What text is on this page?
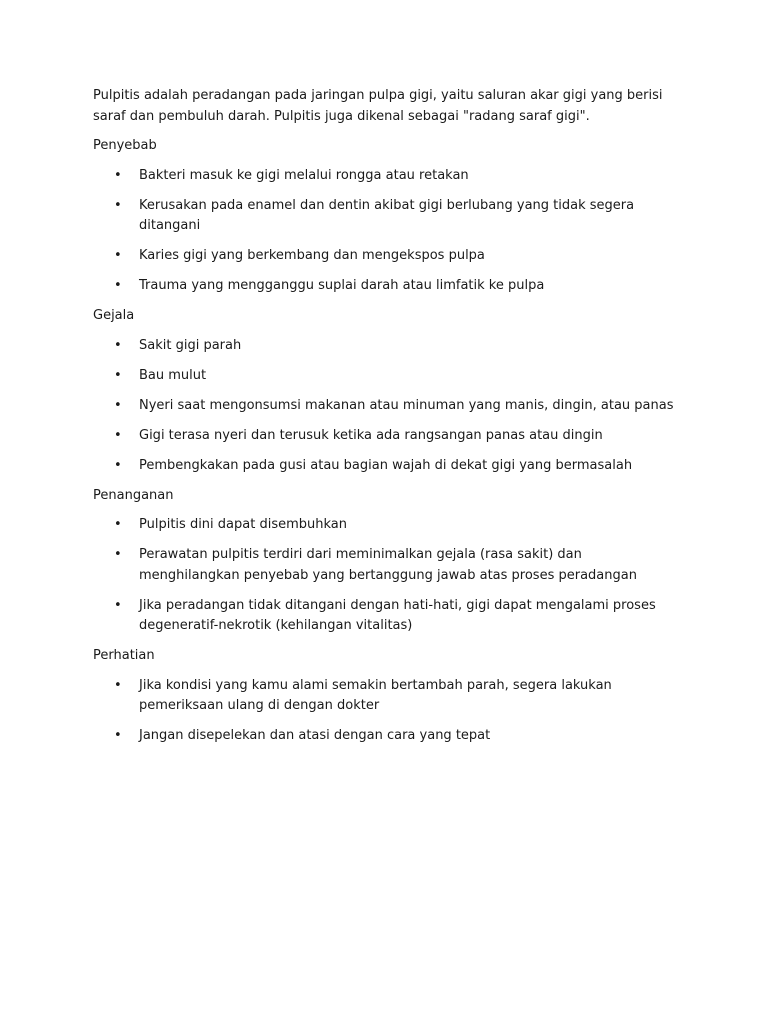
Pulpitis adalah peradangan pada jaringan pulpa gigi, yaitu saluran akar gigi yang berisi saraf dan pembuluh darah. Pulpitis juga dikenal sebagai "radang saraf gigi".

Penyebab

• Bakteri masuk ke gigi melalui rongga atau retakan
• Kerusakan pada enamel dan dentin akibat gigi berlubang yang tidak segera ditangani
• Karies gigi yang berkembang dan mengekspos pulpa
• Trauma yang mengganggu suplai darah atau limfatik ke pulpa

Gejala

• Sakit gigi parah
• Bau mulut
• Nyeri saat mengonsumsi makanan atau minuman yang manis, dingin, atau panas
• Gigi terasa nyeri dan terusuk ketika ada rangsangan panas atau dingin
• Pembengkakan pada gusi atau bagian wajah di dekat gigi yang bermasalah

Penanganan

• Pulpitis dini dapat disembuhkan
• Perawatan pulpitis terdiri dari meminimalkan gejala (rasa sakit) dan menghilangkan penyebab yang bertanggung jawab atas proses peradangan
• Jika peradangan tidak ditangani dengan hati-hati, gigi dapat mengalami proses degeneratif-nekrotik (kehilangan vitalitas)

Perhatian

• Jika kondisi yang kamu alami semakin bertambah parah, segera lakukan pemeriksaan ulang di dengan dokter
• Jangan disepelekan dan atasi dengan cara yang tepat
